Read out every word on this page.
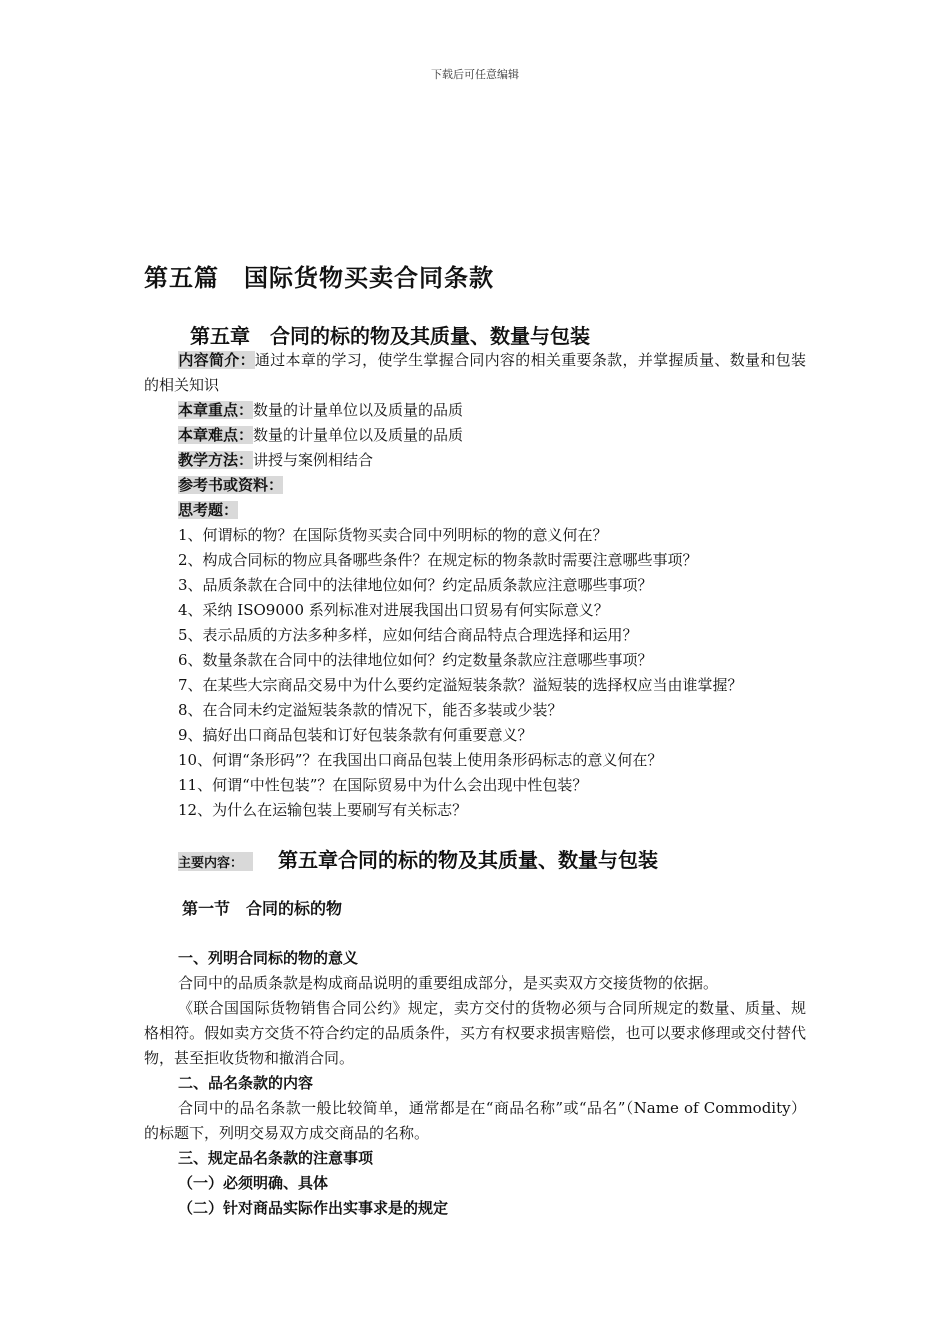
下载后可任意编辑
第五篇　国际货物买卖合同条款
第五章　合同的标的物及其质量、数量与包装
内容简介：通过本章的学习，使学生掌握合同内容的相关重要条款，并掌握质量、数量和包装的相关知识
本章重点：数量的计量单位以及质量的品质
本章难点：数量的计量单位以及质量的品质
教学方法：讲授与案例相结合
参考书或资料：
思考题：
1、何谓标的物？在国际货物买卖合同中列明标的物的意义何在？
2、构成合同标的物应具备哪些条件？在规定标的物条款时需要注意哪些事项？
3、品质条款在合同中的法律地位如何？约定品质条款应注意哪些事项？
4、采纳 ISO9000 系列标准对进展我国出口贸易有何实际意义？
5、表示品质的方法多种多样，应如何结合商品特点合理选择和运用？
6、数量条款在合同中的法律地位如何？约定数量条款应注意哪些事项？
7、在某些大宗商品交易中为什么要约定溢短装条款？溢短装的选择权应当由谁掌握？
8、在合同未约定溢短装条款的情况下，能否多装或少装？
9、搞好出口商品包装和订好包装条款有何重要意义？
10、何谓“条形码”？在我国出口商品包装上使用条形码标志的意义何在？
11、何谓“中性包装”？在国际贸易中为什么会出现中性包装？
12、为什么在运输包装上要刷写有关标志？
主要内容：	第五章合同的标的物及其质量、数量与包装
第一节　合同的标的物
一、列明合同标的物的意义
合同中的品质条款是构成商品说明的重要组成部分，是买卖双方交接货物的依据。
《联合国国际货物销售合同公约》规定，卖方交付的货物必须与合同所规定的数量、质量、规格相符。假如卖方交货不符合约定的品质条件，买方有权要求损害赔偿，也可以要求修理或交付替代物，甚至拒收货物和撤消合同。
二、品名条款的内容
合同中的品名条款一般比较简单，通常都是在“商品名称”或“品名”（Name of Commodity）的标题下，列明交易双方成交商品的名称。
三、规定品名条款的注意事项
（一）必须明确、具体
（二）针对商品实际作出实事求是的规定
